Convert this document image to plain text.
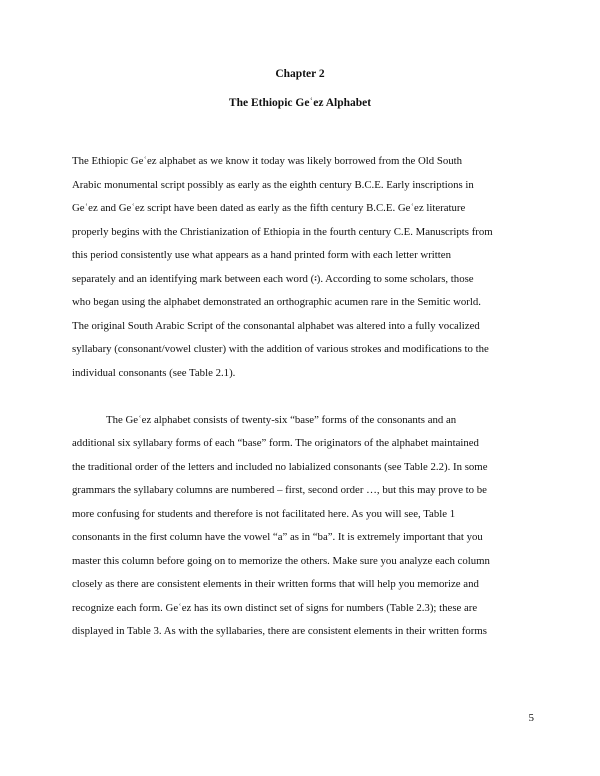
Chapter 2
The Ethiopic Geʿez Alphabet
The Ethiopic Geʿez alphabet as we know it today was likely borrowed from the Old South
Arabic monumental script possibly as early as the eighth century B.C.E. Early inscriptions in
Geʿez and Geʿez script have been dated as early as the fifth century B.C.E. Geʿez literature
properly begins with the Christianization of Ethiopia in the fourth century C.E. Manuscripts from
this period consistently use what appears as a hand printed form with each letter written
separately and an identifying mark between each word (፡). According to some scholars, those
who began using the alphabet demonstrated an orthographic acumen rare in the Semitic world.
The original South Arabic Script of the consonantal alphabet was altered into a fully vocalized
syllabary (consonant/vowel cluster) with the addition of various strokes and modifications to the
individual consonants (see Table 2.1).
The Geʿez alphabet consists of twenty-six “base” forms of the consonants and an
additional six syllabary forms of each “base” form. The originators of the alphabet maintained
the traditional order of the letters and included no labialized consonants (see Table 2.2). In some
grammars the syllabary columns are numbered – first, second order …, but this may prove to be
more confusing for students and therefore is not facilitated here. As you will see, Table 1
consonants in the first column have the vowel “a” as in “ba”. It is extremely important that you
master this column before going on to memorize the others. Make sure you analyze each column
closely as there are consistent elements in their written forms that will help you memorize and
recognize each form. Geʿez has its own distinct set of signs for numbers (Table 2.3); these are
displayed in Table 3. As with the syllabaries, there are consistent elements in their written forms
5
